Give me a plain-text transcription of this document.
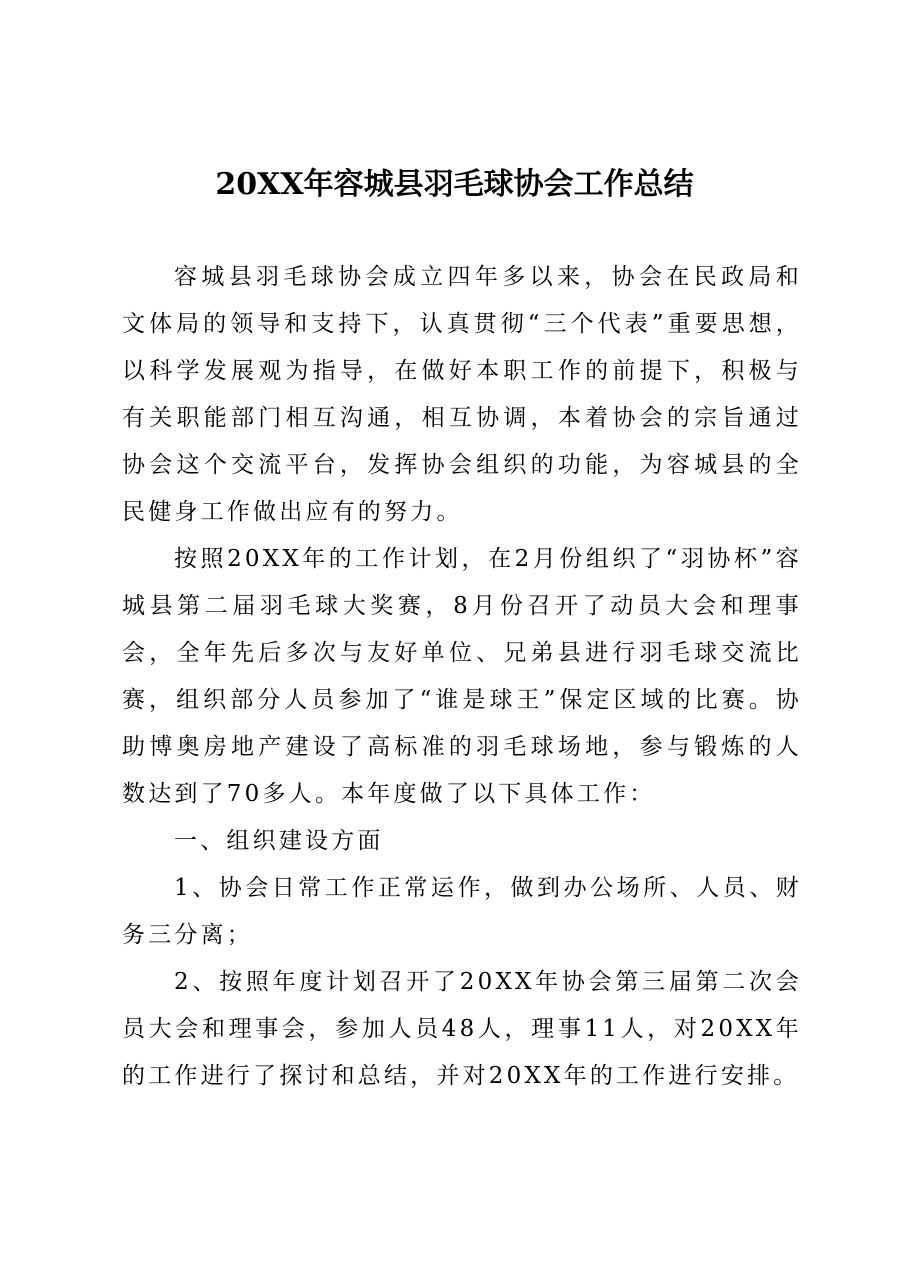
20XX年容城县羽毛球协会工作总结

容城县羽毛球协会成立四年多以来，协会在民政局和文体局的领导和支持下，认真贯彻“三个代表”重要思想，以科学发展观为指导，在做好本职工作的前提下，积极与有关职能部门相互沟通，相互协调，本着协会的宗旨通过协会这个交流平台，发挥协会组织的功能，为容城县的全民健身工作做出应有的努力。

按照20XX年的工作计划，在2月份组织了“羽协杯”容城县第二届羽毛球大奖赛，8月份召开了动员大会和理事会，全年先后多次与友好单位、兄弟县进行羽毛球交流比赛，组织部分人员参加了“谁是球王”保定区域的比赛。协助博奥房地产建设了高标准的羽毛球场地，参与锻炼的人数达到了70多人。本年度做了以下具体工作：

一、组织建设方面

1、协会日常工作正常运作，做到办公场所、人员、财务三分离；

2、按照年度计划召开了20XX年协会第三届第二次会员大会和理事会，参加人员48人，理事11人，对20XX年的工作进行了探讨和总结，并对20XX年的工作进行安排。
